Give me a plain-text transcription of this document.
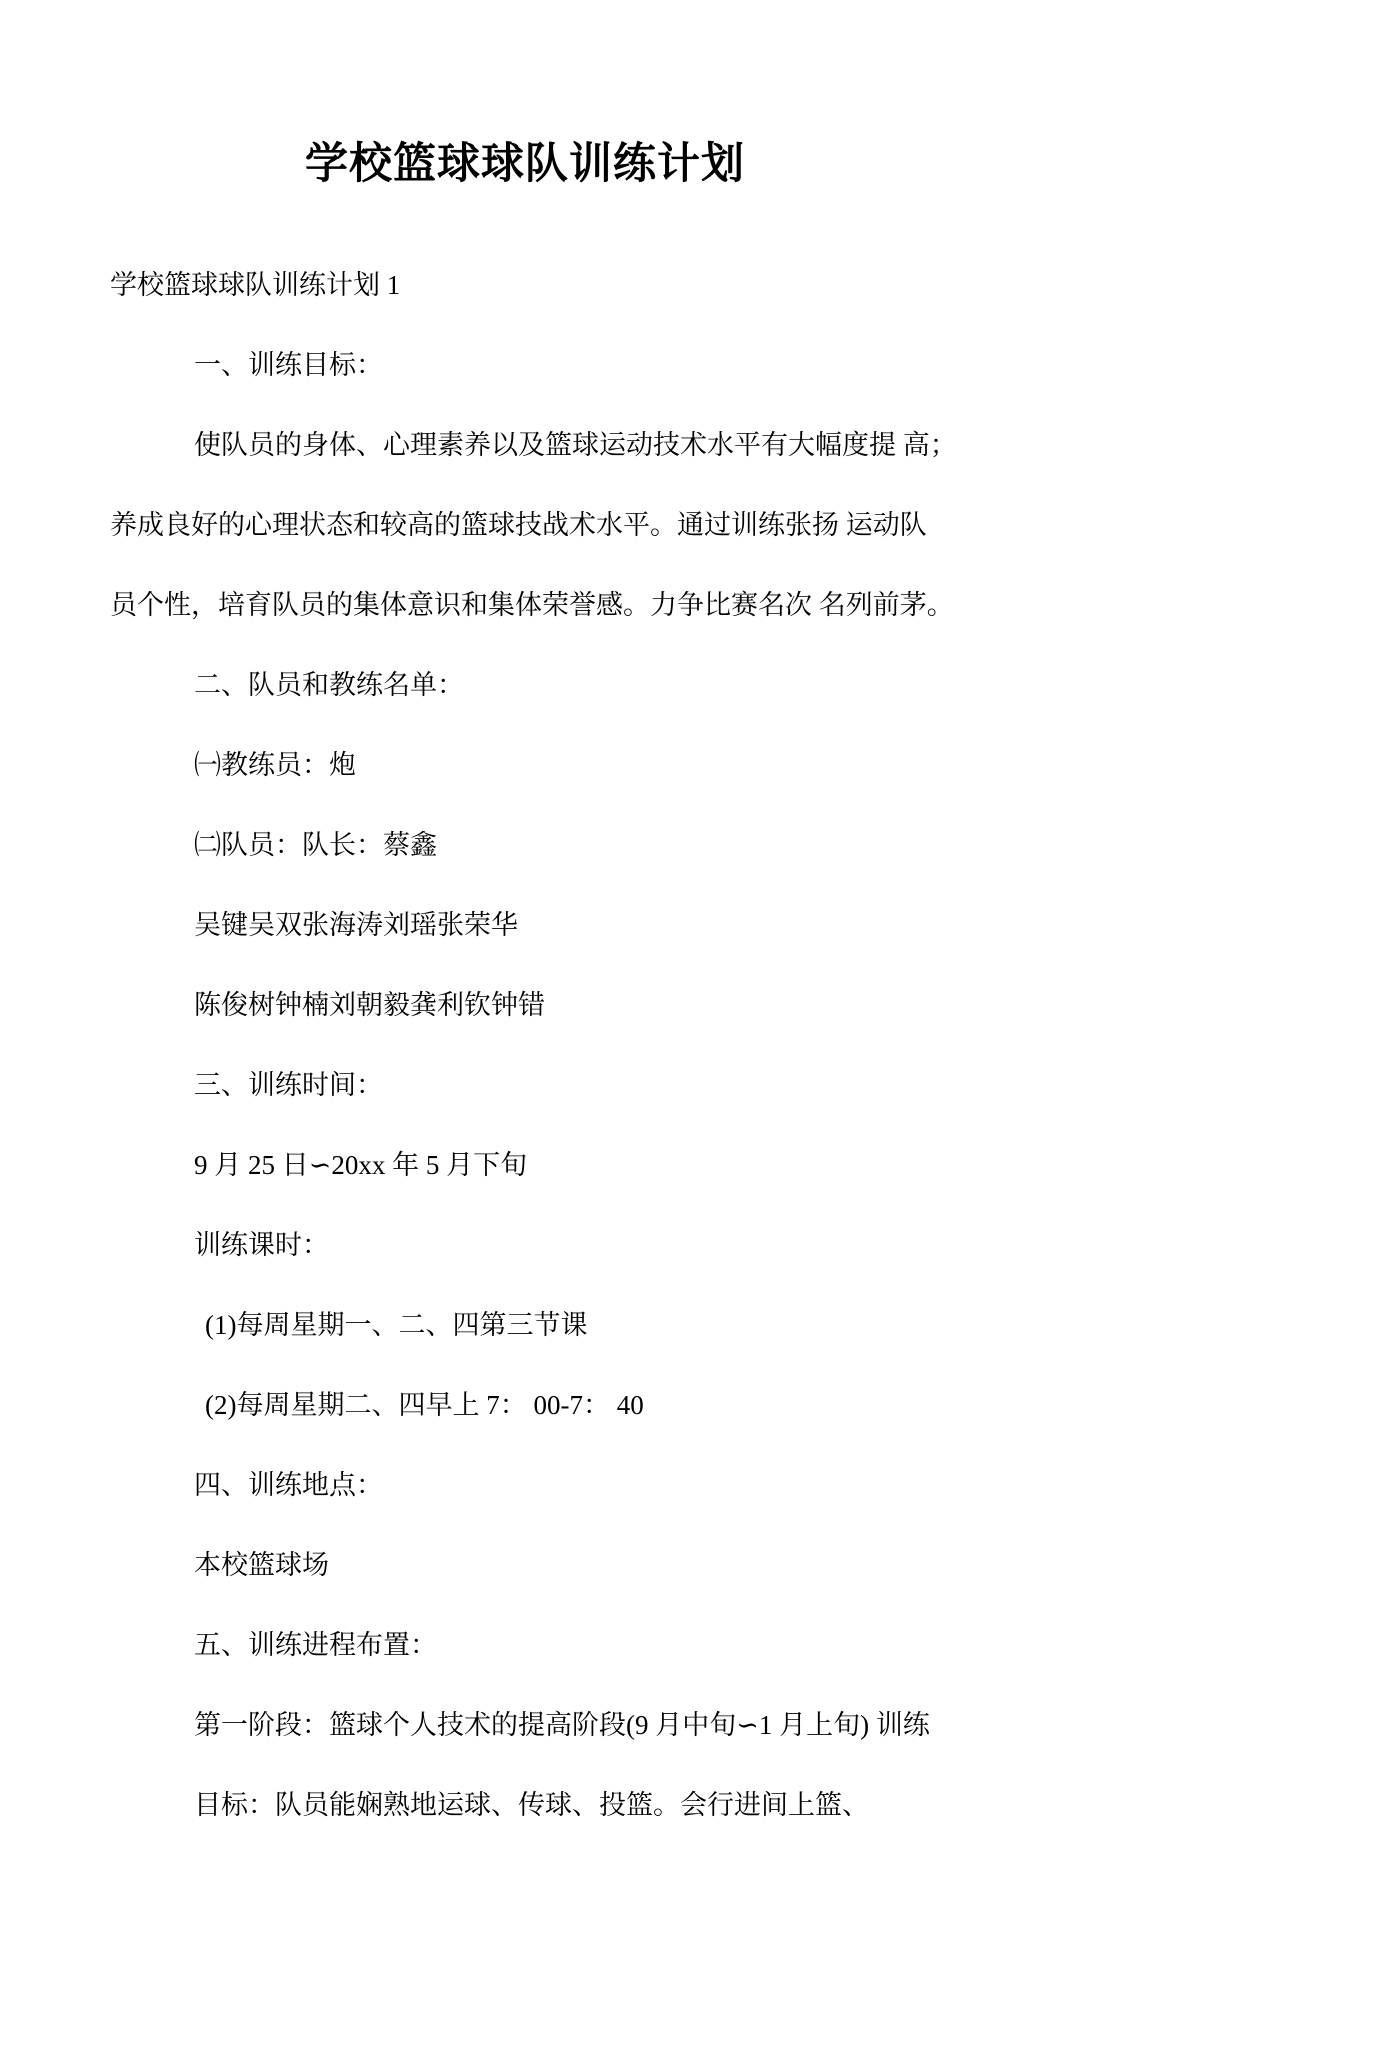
学校篮球球队训练计划

学校篮球球队训练计划 1

一、训练目标：

使队员的身体、心理素养以及篮球运动技术水平有大幅度提 高；

养成良好的心理状态和较高的篮球技战术水平。通过训练张扬 运动队

员个性，培育队员的集体意识和集体荣誉感。力争比赛名次 名列前茅。

二、队员和教练名单：

㈠教练员：炮

㈡队员：队长：蔡鑫

吴键吴双张海涛刘瑶张荣华

陈俊树钟楠刘朝毅龚利钦钟错

三、训练时间：

9 月 25 日∽20xx 年 5 月下旬

训练课时：

(1)每周星期一、二、四第三节课

(2)每周星期二、四早上 7： 00-7： 40

四、训练地点：

本校篮球场

五、训练进程布置：

第一阶段：篮球个人技术的提高阶段(9 月中旬∽1 月上旬) 训练

目标：队员能娴熟地运球、传球、投篮。会行进间上篮、
